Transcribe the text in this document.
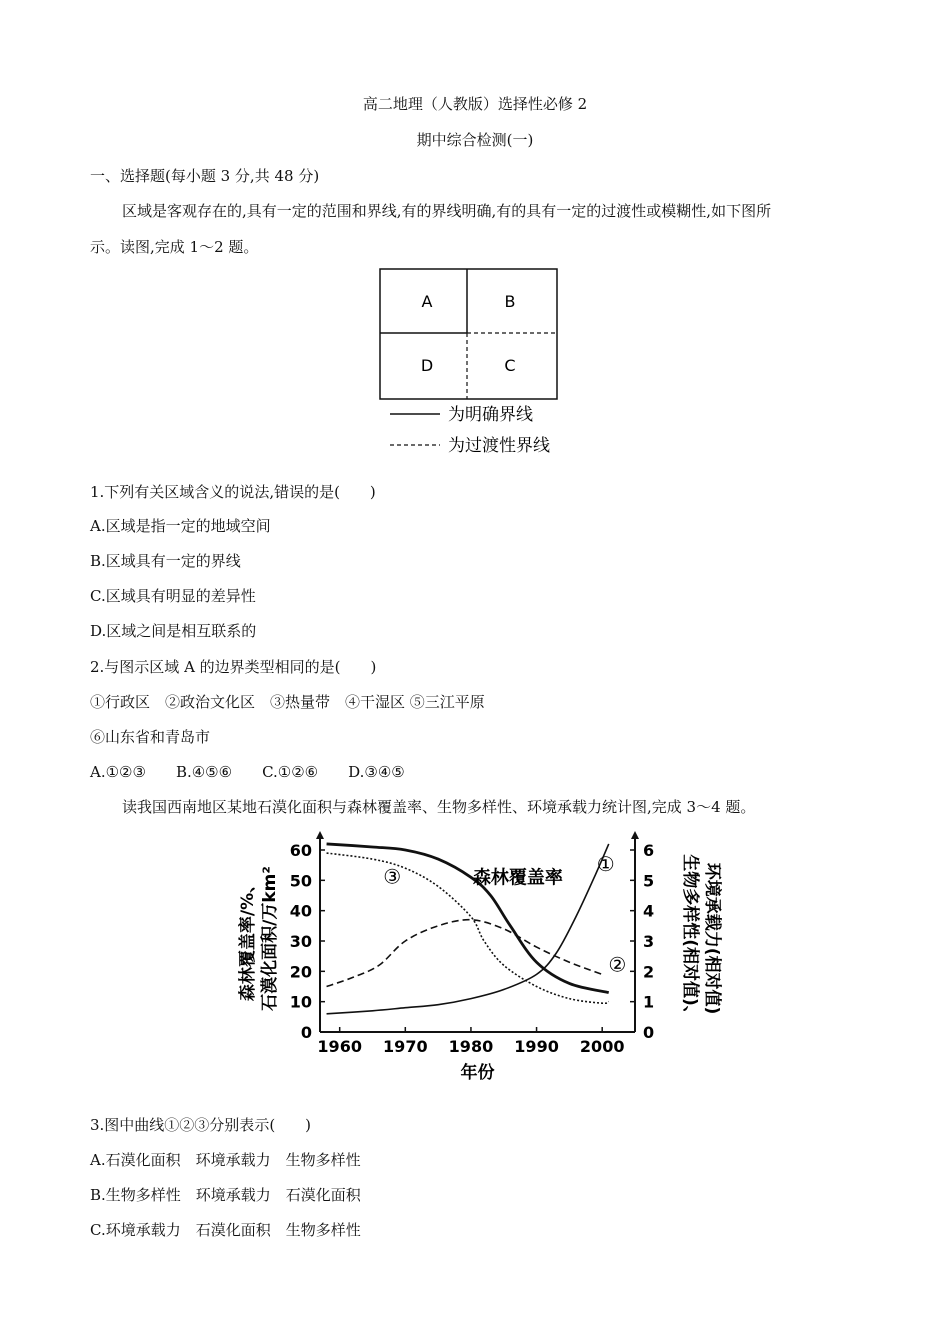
高二地理（人教版）选择性必修 2
期中综合检测(一)
一、选择题(每小题 3 分,共 48 分)
区域是客观存在的,具有一定的范围和界线,有的界线明确,有的具有一定的过渡性或模糊性,如下图所
示。读图,完成 1～2 题。
A	B
D	C
为明确界线
为过渡性界线
1.下列有关区域含义的说法,错误的是(　　)
A.区域是指一定的地域空间
B.区域具有一定的界线
C.区域具有明显的差异性
D.区域之间是相互联系的
2.与图示区域 A 的边界类型相同的是(　　)
①行政区　②政治文化区　③热量带　④干湿区 ⑤三江平原
⑥山东省和青岛市
A.①②③　　B.④⑤⑥　　C.①②⑥　　D.③④⑤
读我国西南地区某地石漠化面积与森林覆盖率、生物多样性、环境承载力统计图,完成 3～4 题。
0
10
20
30
40
50
60
0
1
2
3
4
5
6
1960 1970 1980 1990 2000
年份
森林覆盖率/%、 石漠化面积/万km²	生物多样性(相对值)、 环境承载力(相对值)
森林覆盖率
①
②
③
3.图中曲线①②③分别表示(　　)
A.石漠化面积　环境承载力　生物多样性
B.生物多样性　环境承载力　石漠化面积
C.环境承载力　石漠化面积　生物多样性
